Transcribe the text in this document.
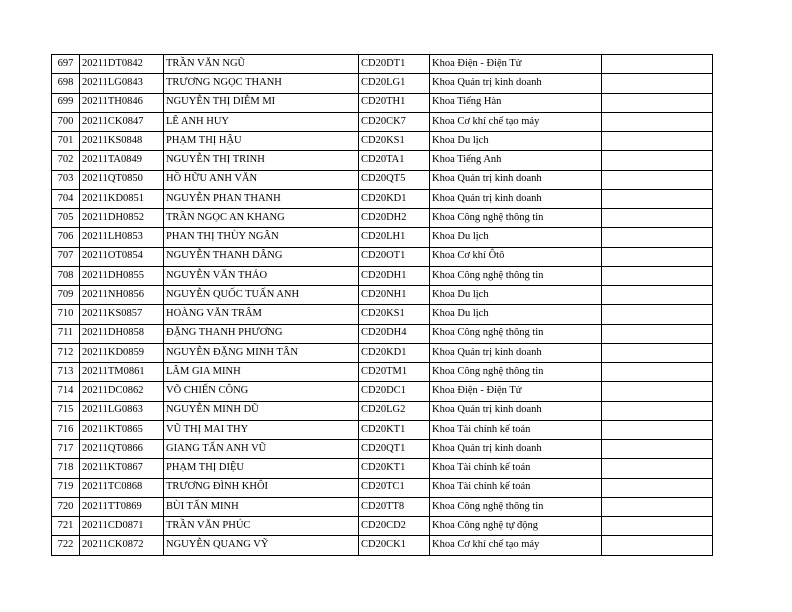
697	20211DT0842	TRẦN VĂN NGŨ	CD20DT1	Khoa Điện - Điện Tử	
698	20211LG0843	TRƯƠNG NGỌC THANH	CD20LG1	Khoa Quản trị kinh doanh	
699	20211TH0846	NGUYỄN THỊ DIỄM MI	CD20TH1	Khoa Tiếng Hàn	
700	20211CK0847	LÊ ANH HUY	CD20CK7	Khoa Cơ khí chế tạo máy	
701	20211KS0848	PHẠM THỊ HẬU	CD20KS1	Khoa Du lịch	
702	20211TA0849	NGUYỄN THỊ TRINH	CD20TA1	Khoa Tiếng Anh	
703	20211QT0850	HỒ HỮU ANH VĂN	CD20QT5	Khoa Quản trị kinh doanh	
704	20211KD0851	NGUYỄN PHAN THANH	CD20KD1	Khoa Quản trị kinh doanh	
705	20211DH0852	TRẦN NGỌC AN KHANG	CD20DH2	Khoa Công nghệ thông tin	
706	20211LH0853	PHAN THỊ THÙY NGÂN	CD20LH1	Khoa Du lịch	
707	20211OT0854	NGUYỄN THANH DÂNG	CD20OT1	Khoa Cơ khí Ôtô	
708	20211DH0855	NGUYỄN VĂN THẢO	CD20DH1	Khoa Công nghệ thông tin	
709	20211NH0856	NGUYỄN QUỐC TUẤN ANH	CD20NH1	Khoa Du lịch	
710	20211KS0857	HOÀNG VĂN TRÂM	CD20KS1	Khoa Du lịch	
711	20211DH0858	ĐẶNG THANH PHƯƠNG	CD20DH4	Khoa Công nghệ thông tin	
712	20211KD0859	NGUYỄN ĐẶNG MINH TÂN	CD20KD1	Khoa Quản trị kinh doanh	
713	20211TM0861	LÂM GIA MINH	CD20TM1	Khoa Công nghệ thông tin	
714	20211DC0862	VÕ CHIẾN CÔNG	CD20DC1	Khoa Điện - Điện Tử	
715	20211LG0863	NGUYỄN MINH DŨ	CD20LG2	Khoa Quản trị kinh doanh	
716	20211KT0865	VŨ THỊ MAI THY	CD20KT1	Khoa Tài chính kế toán	
717	20211QT0866	GIANG TẤN ANH VŨ	CD20QT1	Khoa Quản trị kinh doanh	
718	20211KT0867	PHẠM THỊ DIỆU	CD20KT1	Khoa Tài chính kế toán	
719	20211TC0868	TRƯƠNG ĐÌNH KHÔI	CD20TC1	Khoa Tài chính kế toán	
720	20211TT0869	BÙI TẤN MINH	CD20TT8	Khoa Công nghệ thông tin	
721	20211CD0871	TRẦN VĂN PHÚC	CD20CD2	Khoa Công nghệ tự động	
722	20211CK0872	NGUYỄN QUANG VỸ	CD20CK1	Khoa Cơ khí chế tạo máy	
